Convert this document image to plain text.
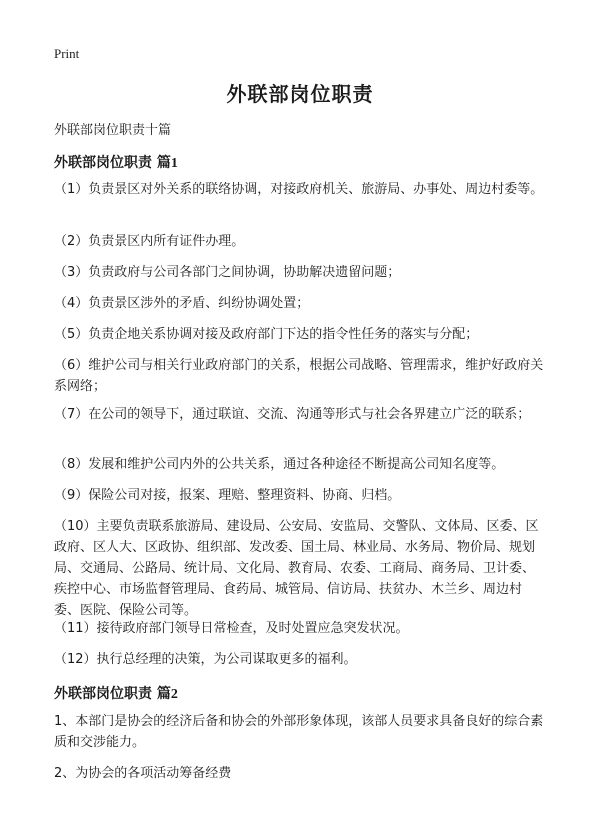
Print
外联部岗位职责

外联部岗位职责十篇

外联部岗位职责 篇1

（1）负责景区对外关系的联络协调，对接政府机关、旅游局、办事处、周边村委等。

（2）负责景区内所有证件办理。

（3）负责政府与公司各部门之间协调，协助解决遗留问题；

（4）负责景区涉外的矛盾、纠纷协调处置；

（5）负责企地关系协调对接及政府部门下达的指令性任务的落实与分配；

（6）维护公司与相关行业政府部门的关系，根据公司战略、管理需求，维护好政府关系网络；

（7）在公司的领导下，通过联谊、交流、沟通等形式与社会各界建立广泛的联系；

（8）发展和维护公司内外的公共关系，通过各种途径不断提高公司知名度等。

（9）保险公司对接，报案、理赔、整理资料、协商、归档。

（10）主要负责联系旅游局、建设局、公安局、安监局、交警队、文体局、区委、区政府、区人大、区政协、组织部、发改委、国土局、林业局、水务局、物价局、规划局、交通局、公路局、统计局、文化局、教育局、农委、工商局、商务局、卫计委、疾控中心、市场监督管理局、食药局、城管局、信访局、扶贫办、木兰乡、周边村委、医院、保险公司等。

（11）接待政府部门领导日常检查，及时处置应急突发状况。

（12）执行总经理的决策，为公司谋取更多的福利。

外联部岗位职责 篇2

1、本部门是协会的经济后备和协会的外部形象体现，该部人员要求具备良好的综合素质和交涉能力。

2、为协会的各项活动筹备经费
